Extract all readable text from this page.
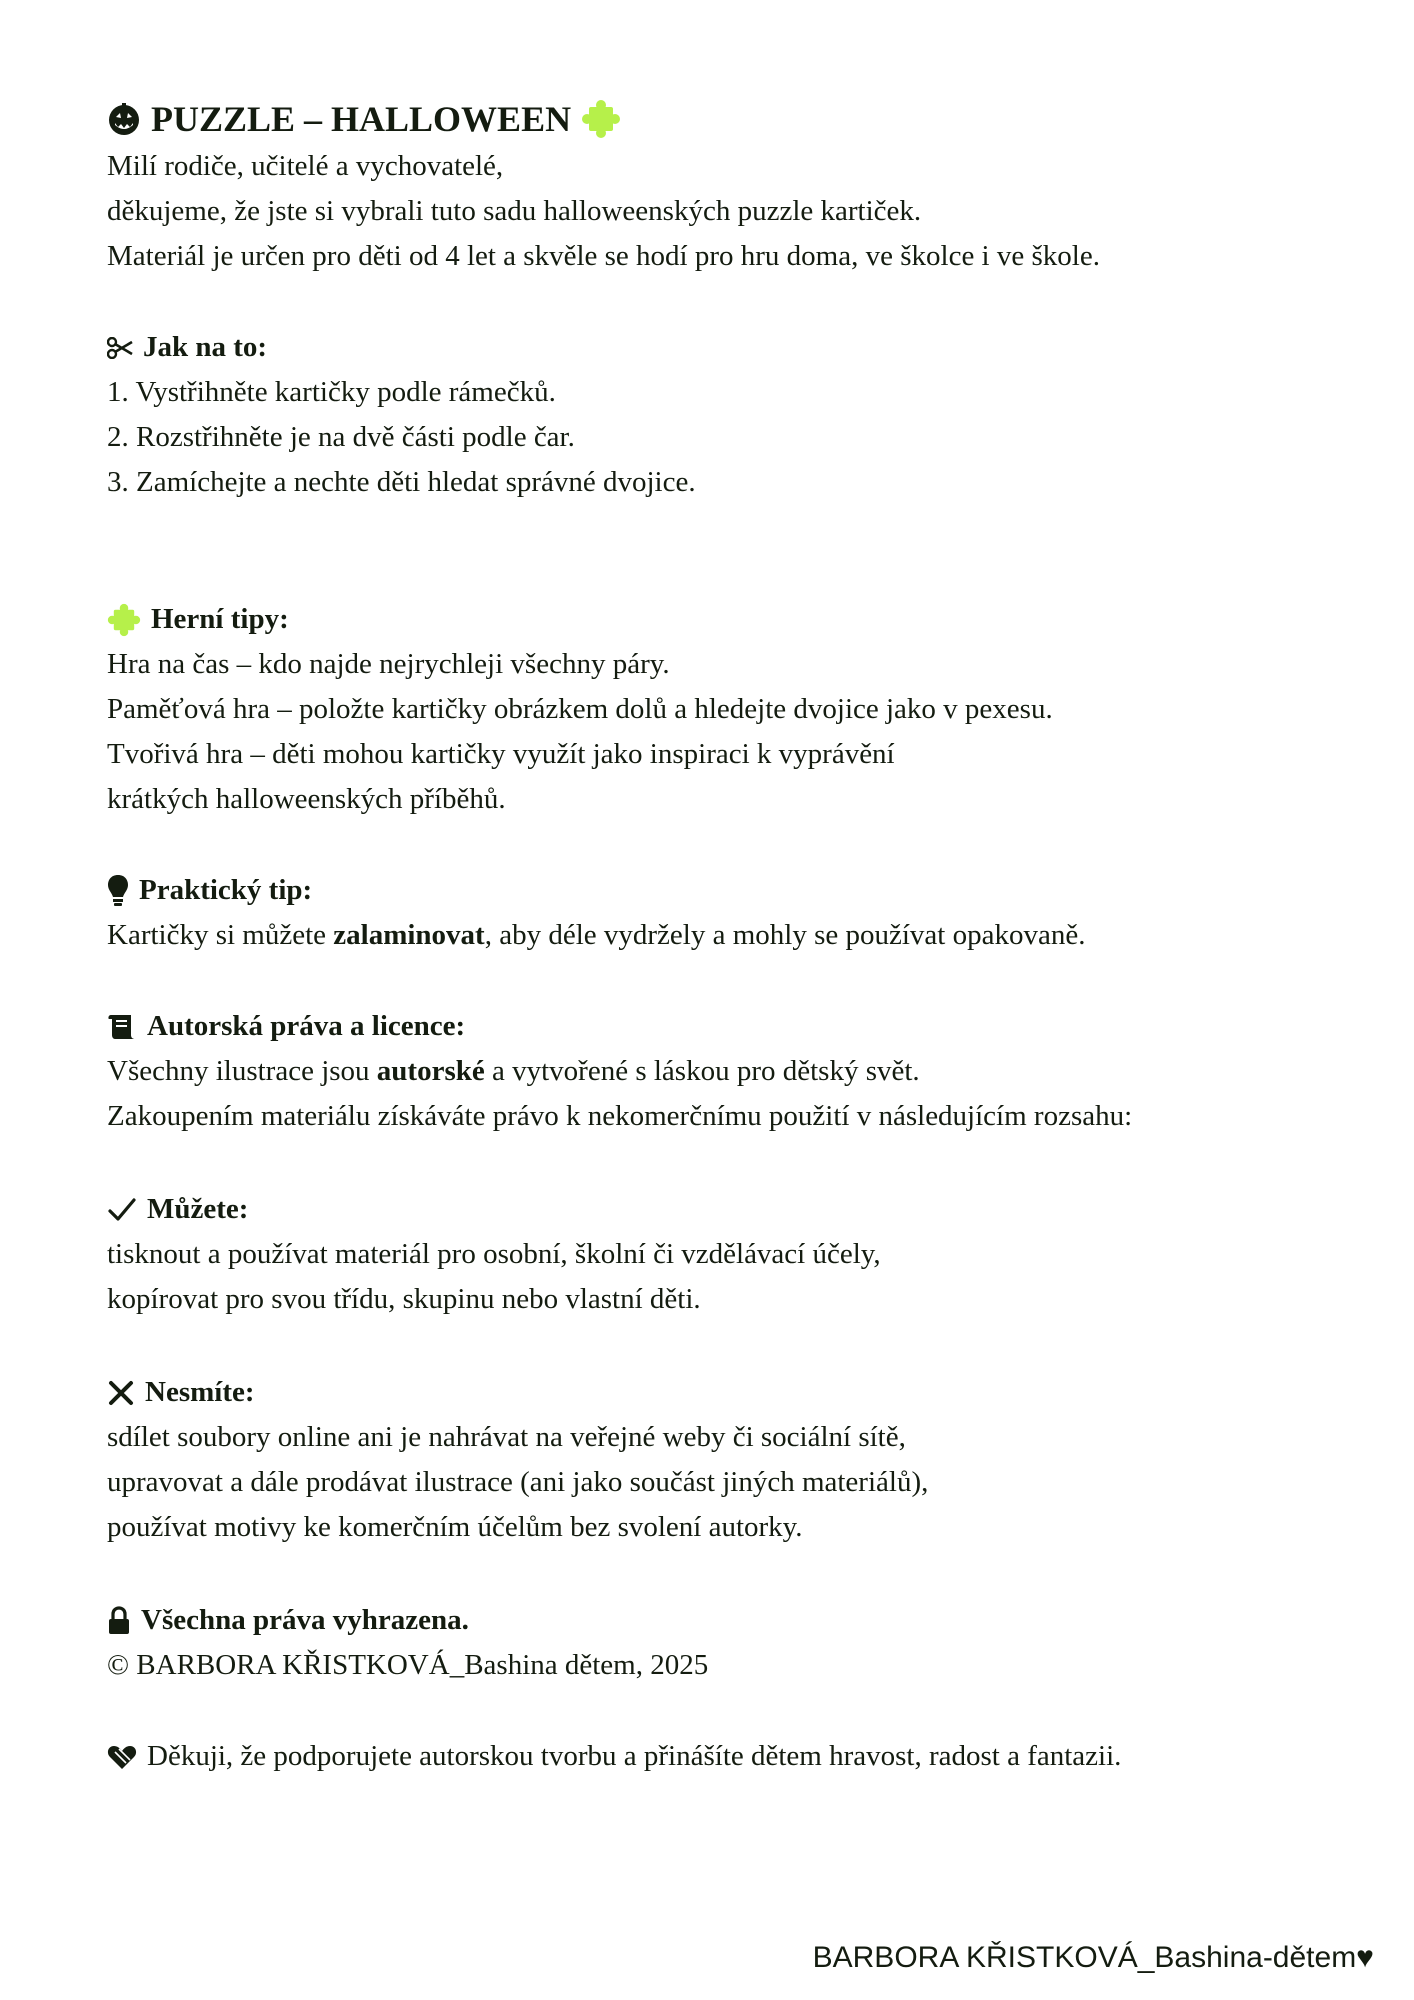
PUZZLE – HALLOWEEN
Milí rodiče, učitelé a vychovatelé,
děkujeme, že jste si vybrali tuto sadu halloweenských puzzle kartiček.
Materiál je určen pro děti od 4 let a skvěle se hodí pro hru doma, ve školce i ve škole.
Jak na to:
1. Vystřihněte kartičky podle rámečků.
2. Rozstřihněte je na dvě části podle čar.
3. Zamíchejte a nechte děti hledat správné dvojice.
Herní tipy:
Hra na čas – kdo najde nejrychleji všechny páry.
Paměťová hra – položte kartičky obrázkem dolů a hledejte dvojice jako v pexesu.
Tvořivá hra – děti mohou kartičky využít jako inspiraci k vyprávění
krátkých halloweenských příběhů.
Praktický tip:
Kartičky si můžete zalaminovat, aby déle vydržely a mohly se používat opakovaně.
Autorská práva a licence:
Všechny ilustrace jsou autorské a vytvořené s láskou pro dětský svět.
Zakoupením materiálu získáváte právo k nekomerčnímu použití v následujícím rozsahu:
Můžete:
tisknout a používat materiál pro osobní, školní či vzdělávací účely,
kopírovat pro svou třídu, skupinu nebo vlastní děti.
Nesmíte:
sdílet soubory online ani je nahrávat na veřejné weby či sociální sítě,
upravovat a dále prodávat ilustrace (ani jako součást jiných materiálů),
používat motivy ke komerčním účelům bez svolení autorky.
Všechna práva vyhrazena.
© BARBORA KŘISTKOVÁ_Bashina dětem, 2025
Děkuji, že podporujete autorskou tvorbu a přinášíte dětem hravost, radost a fantazii.
BARBORA KŘISTKOVÁ_Bashina-dětem♥
